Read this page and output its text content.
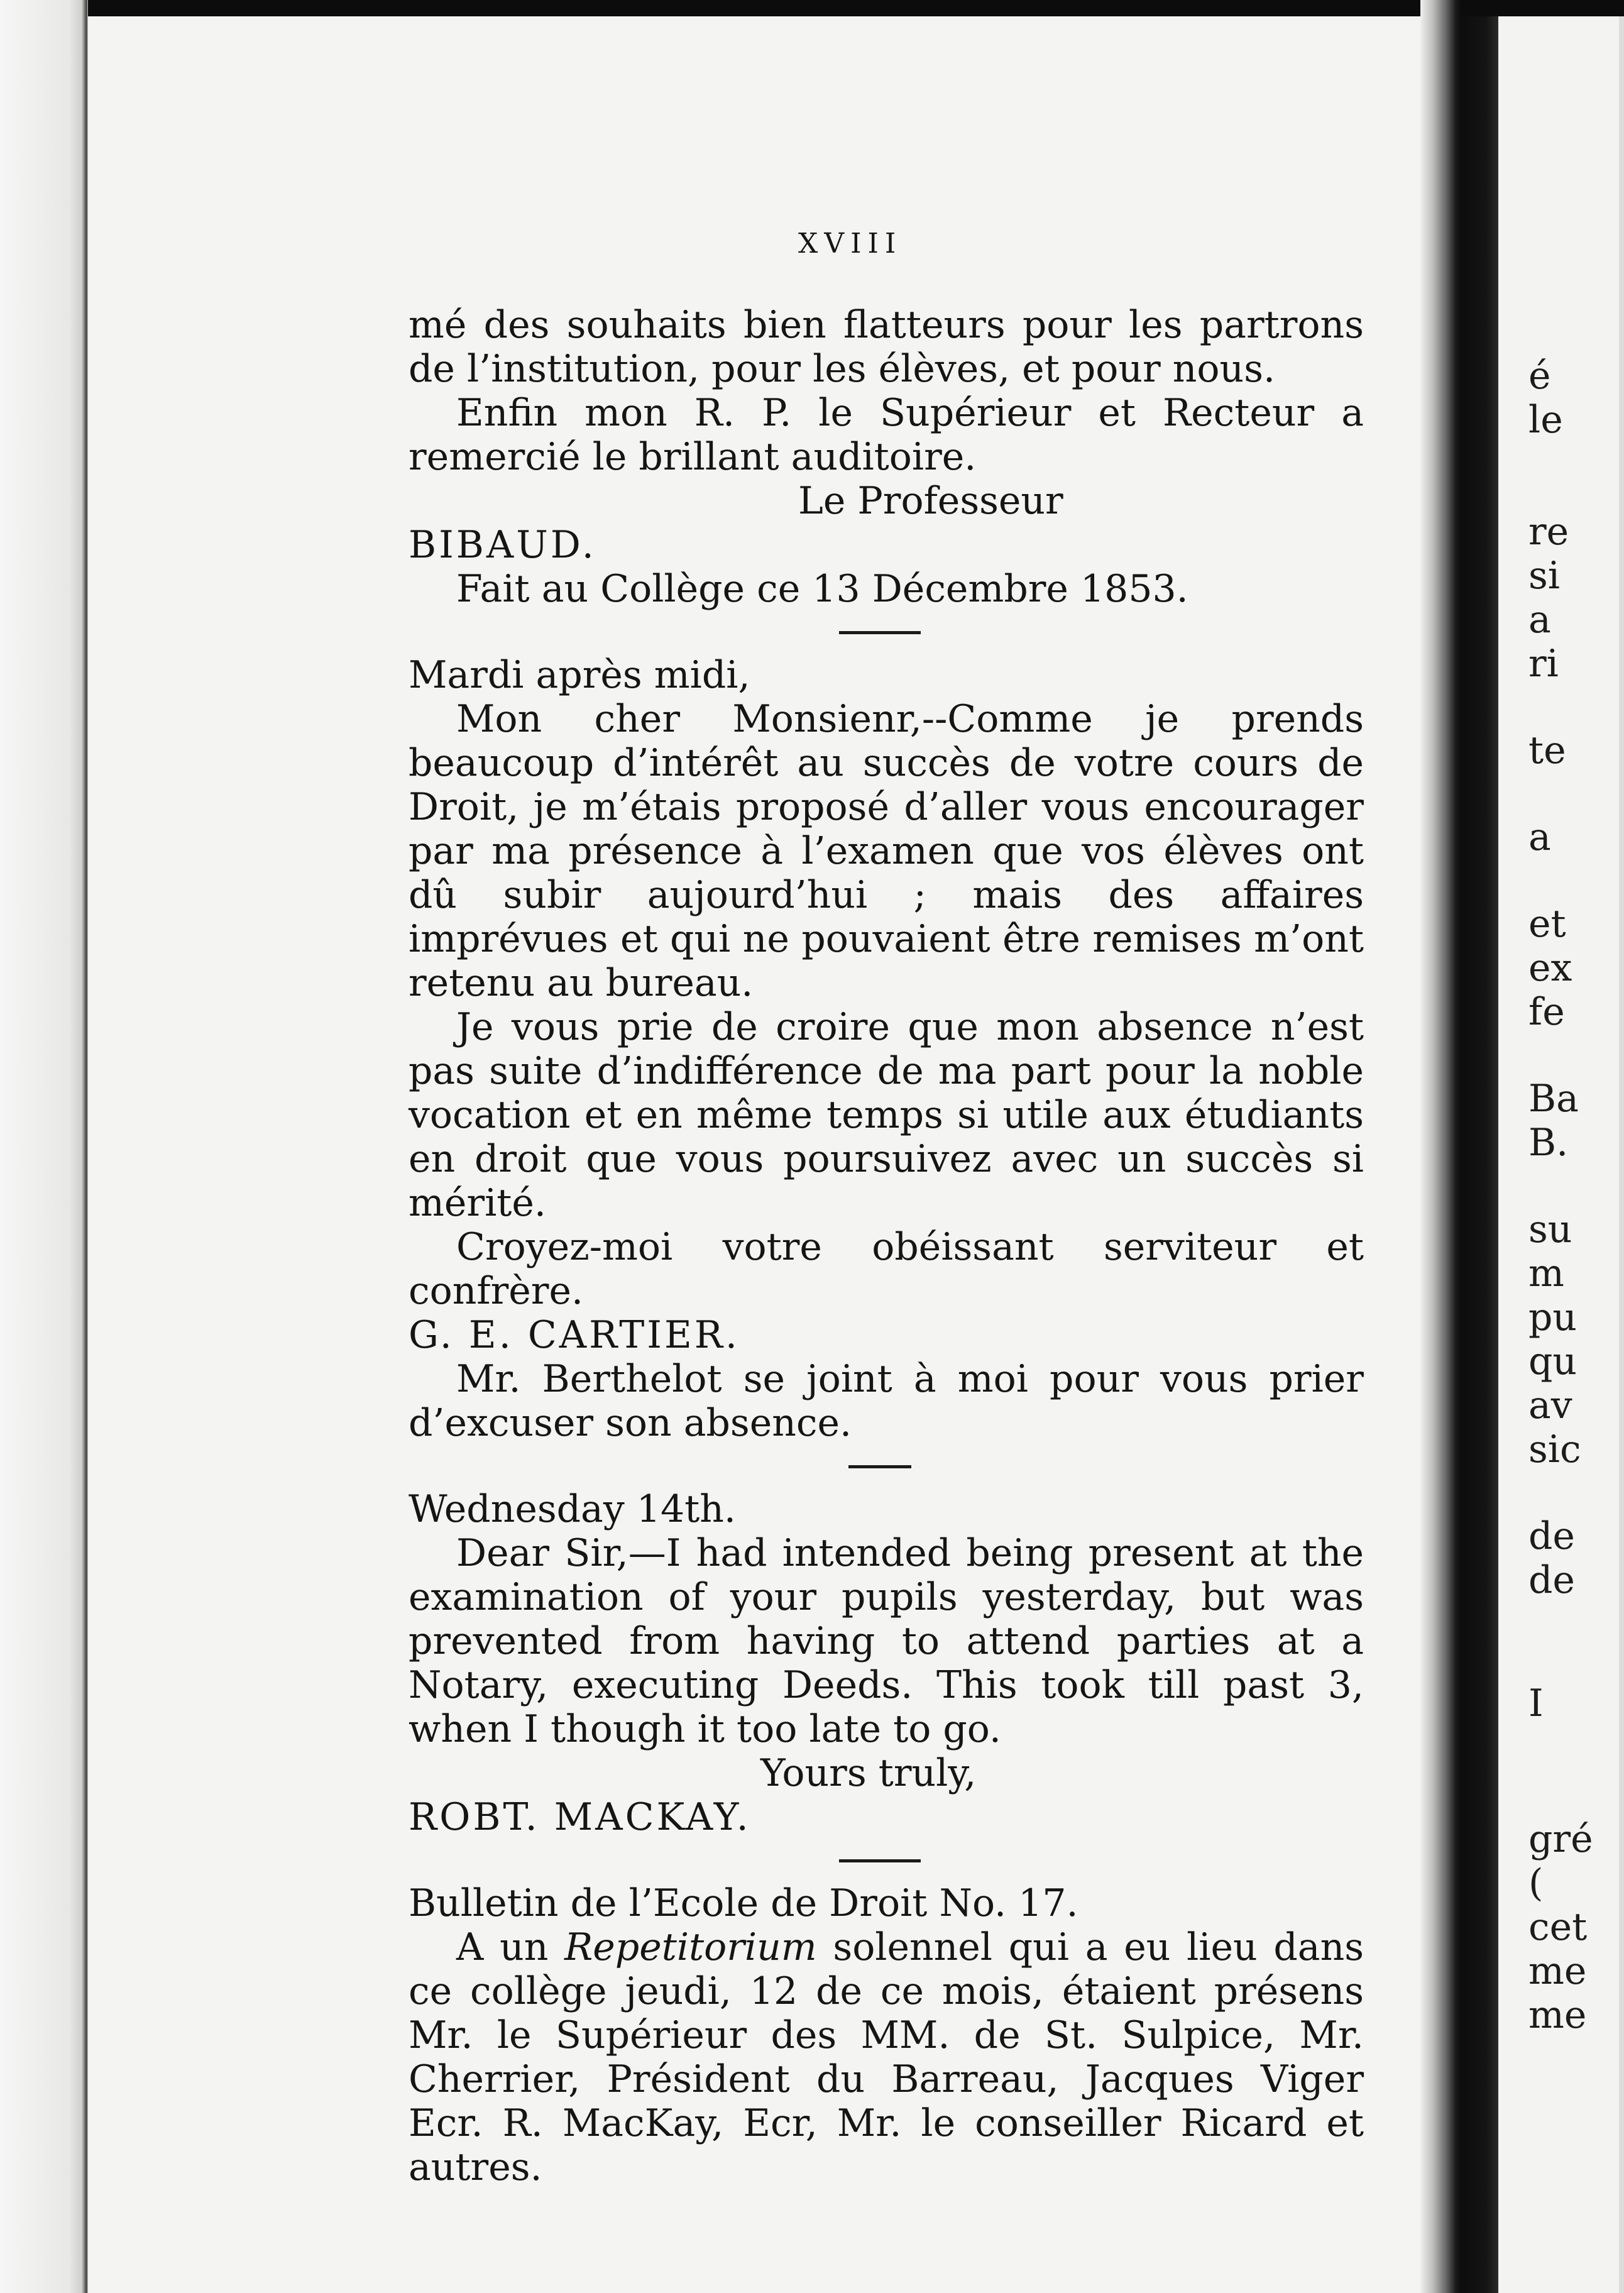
é
le
re
si
a
ri
te
a
et
ex
fe
Ba
B.
su
m
pu
qu
av
sic
de
de
I
gré
(
cet
me
me
XVIII

mé des souhaits bien flatteurs pour les partrons de l’institution, pour les élèves, et pour nous.

Enfin mon R. P. le Supérieur et Recteur a remercié le brillant auditoire.

Le Professeur

BIBAUD.

Fait au Collège ce 13 Décembre 1853.

Mardi après midi,

Mon cher Monsienr,--Comme je prends beaucoup d’intérêt au succès de votre cours de Droit, je m’étais proposé d’aller vous encourager par ma présence à l’examen que vos élèves ont dû subir aujourd’hui ; mais des affaires imprévues et qui ne pouvaient être remises m’ont retenu au bureau.

Je vous prie de croire que mon absence n’est pas suite d’indifférence de ma part pour la noble vocation et en même temps si utile aux étudiants en droit que vous poursuivez avec un succès si mérité.

Croyez-moi votre obéissant serviteur et confrère.

G. E. CARTIER.

Mr. Berthelot se joint à moi pour vous prier d’excuser son absence.

Wednesday 14th.

Dear Sir,—I had intended being present at the examination of your pupils yesterday, but was prevented from having to attend parties at a Notary, executing Deeds. This took till past 3, when I though it too late to go.

Yours truly,

ROBT. MACKAY.

Bulletin de l’Ecole de Droit No. 17.

A un Repetitorium solennel qui a eu lieu dans ce collège jeudi, 12 de ce mois, étaient présens Mr. le Supérieur des MM. de St. Sulpice, Mr. Cherrier, Président du Barreau, Jacques Viger Ecr. R. MacKay, Ecr, Mr. le conseiller Ricard et autres.
